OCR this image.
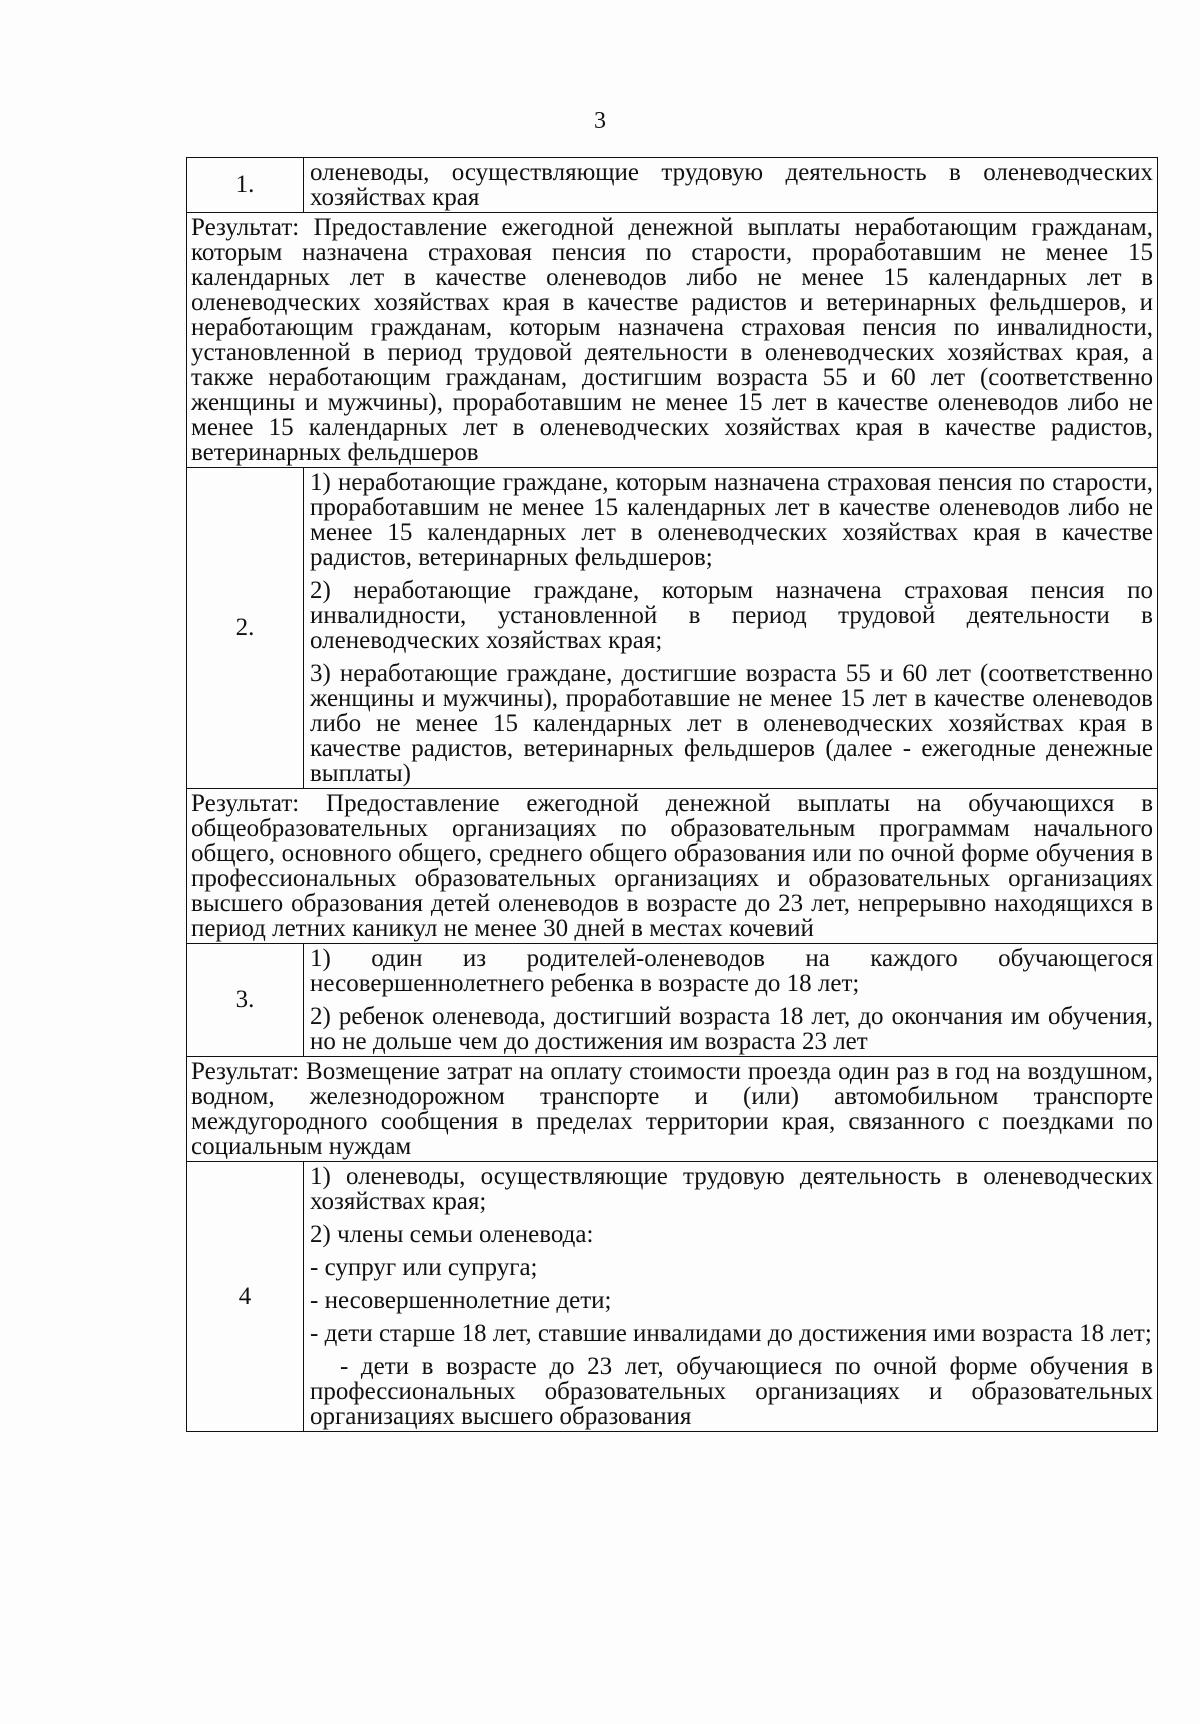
3
1.	оленеводы, осуществляющие трудовую деятельность в оленеводческих хозяйствах края

Результат: Предоставление ежегодной денежной выплаты неработающим гражданам, которым назначена страховая пенсия по старости, проработавшим не менее 15 календарных лет в качестве оленеводов либо не менее 15 календарных лет в оленеводческих хозяйствах края в качестве радистов и ветеринарных фельдшеров, и неработающим гражданам, которым назначена страховая пенсия по инвалидности, установленной в период трудовой деятельности в оленеводческих хозяйствах края, а также неработающим гражданам, достигшим возраста 55 и 60 лет (соответственно женщины и мужчины), проработавшим не менее 15 лет в качестве оленеводов либо не менее 15 календарных лет в оленеводческих хозяйствах края в качестве радистов, ветеринарных фельдшеров

2.

1) неработающие граждане, которым назначена страховая пенсия по старости, проработавшим не менее 15 календарных лет в качестве оленеводов либо не менее 15 календарных лет в оленеводческих хозяйствах края в качестве радистов, ветеринарных фельдшеров;

2) неработающие граждане, которым назначена страховая пенсия по инвалидности, установленной в период трудовой деятельности в оленеводческих хозяйствах края;

3) неработающие граждане, достигшие возраста 55 и 60 лет (соответственно женщины и мужчины), проработавшие не менее 15 лет в качестве оленеводов либо не менее 15 календарных лет в оленеводческих хозяйствах края в качестве радистов, ветеринарных фельдшеров (далее - ежегодные денежные выплаты)

Результат: Предоставление ежегодной денежной выплаты на обучающихся в общеобразовательных организациях по образовательным программам начального общего, основного общего, среднего общего образования или по очной форме обучения в профессиональных образовательных организациях и образовательных организациях высшего образования детей оленеводов в возрасте до 23 лет, непрерывно находящихся в период летних каникул не менее 30 дней в местах кочевий

3.

1) один из родителей-оленеводов на каждого обучающегося несовершеннолетнего ребенка в возрасте до 18 лет;

2) ребенок оленевода, достигший возраста 18 лет, до окончания им обучения, но не дольше чем до достижения им возраста 23 лет

Результат: Возмещение затрат на оплату стоимости проезда один раз в год на воздушном, водном, железнодорожном транспорте и (или) автомобильном транспорте междугородного сообщения в пределах территории края, связанного с поездками по социальным нуждам

4

1) оленеводы, осуществляющие трудовую деятельность в оленеводческих хозяйствах края;

2) члены семьи оленевода:

- супруг или супруга;

- несовершеннолетние дети;

- дети старше 18 лет, ставшие инвалидами до достижения ими возраста 18 лет;

- дети в возрасте до 23 лет, обучающиеся по очной форме обучения в профессиональных образовательных организациях и образовательных организациях высшего образования
